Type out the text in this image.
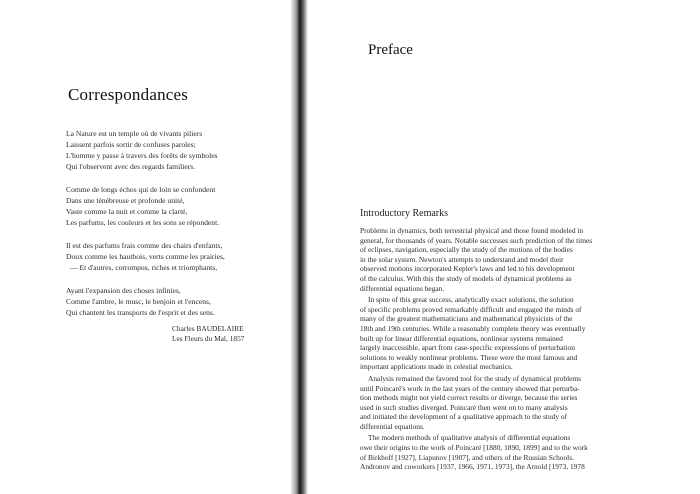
Correspondances
La Nature est un temple où de vivants piliers
Laissent parfois sortir de confuses paroles;
L'homme y passe à travers des forêts de symboles
Qui l'observent avec des regards familiers.
Comme de longs échos qui de loin se confondent
Dans une ténébreuse et profonde unité,
Vaste comme la nuit et comme la clarté,
Les parfums, les couleurs et les sons se répondent.
Il est des parfums frais comme des chairs d'enfants,
Doux comme les hautbois, verts comme les prairies,
— Et d'autres, corrompus, riches et triomphants,
Ayant l'expansion des choses infinies,
Comme l'ambre, le musc, le benjoin et l'encens,
Qui chantent les transports de l'esprit et des sens.
Charles BAUDELAIRE
Les Fleurs du Mal, 1857
Preface
Introductory Remarks
Problems in dynamics, both terrestrial physical and those found modeled in
general, for thousands of years. Notable successes such prediction of the times
of eclipses, navigation, especially the study of the motions of the bodies
in the solar system. Newton's attempts to understand and model their
observed motions incorporated Kepler's laws and led to his development
of the calculus. With this the study of models of dynamical problems as
differential equations began.
In spite of this great success, analytically exact solutions, the solution
of specific problems proved remarkably difficult and engaged the minds of
many of the greatest mathematicians and mathematical physicists of the
18th and 19th centuries. While a reasonably complete theory was eventually
built up for linear differential equations, nonlinear systems remained
largely inaccessible, apart from case-specific expressions of perturbation
solutions to weakly nonlinear problems. These were the most famous and
important applications made in celestial mechanics.
Analysis remained the favored tool for the study of dynamical problems
until Poincaré's work in the last years of the century showed that perturba-
tion methods might not yield correct results or diverge, because the series
used in such studies diverged. Poincaré then went on to many analysis
and initiated the development of a qualitative approach to the study of
differential equations.
The modern methods of qualitative analysis of differential equations
owe their origins to the work of Poincaré [1880, 1890, 1899] and to the work
of Birkhoff [1927], Liapunov [1907], and others of the Russian Schools.
Andronov and coworkers [1937, 1966, 1971, 1973], the Arnold [1973, 1978
